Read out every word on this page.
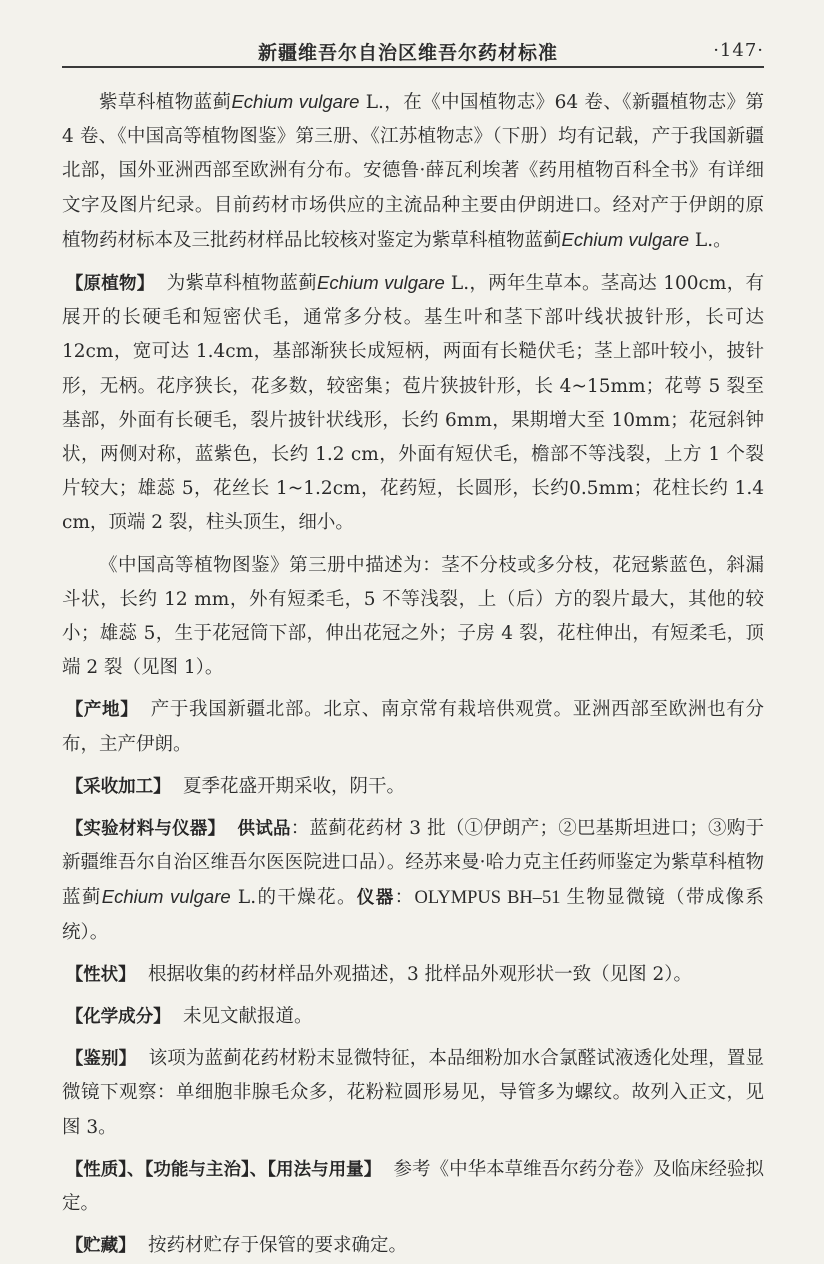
新疆维吾尔自治区维吾尔药材标准	·147·

紫草科植物蓝蓟Echium vulgare L.，在《中国植物志》64 卷、《新疆植物志》第 4 卷、《中国高等植物图鉴》第三册、《江苏植物志》（下册）均有记载，产于我国新疆北部，国外亚洲西部至欧洲有分布。安德鲁·薛瓦利埃著《药用植物百科全书》有详细文字及图片纪录。目前药材市场供应的主流品种主要由伊朗进口。经对产于伊朗的原植物药材标本及三批药材样品比较核对鉴定为紫草科植物蓝蓟Echium vulgare L.。

【原植物】 为紫草科植物蓝蓟Echium vulgare L.，两年生草本。茎高达 100cm，有展开的长硬毛和短密伏毛，通常多分枝。基生叶和茎下部叶线状披针形，长可达 12cm，宽可达 1.4cm，基部渐狭长成短柄，两面有长糙伏毛；茎上部叶较小，披针形，无柄。花序狭长，花多数，较密集；苞片狭披针形，长 4~15mm；花萼 5 裂至基部，外面有长硬毛，裂片披针状线形，长约 6mm，果期增大至 10mm；花冠斜钟状，两侧对称，蓝紫色，长约 1.2 cm，外面有短伏毛，檐部不等浅裂，上方 1 个裂片较大；雄蕊 5，花丝长 1~1.2cm，花药短，长圆形，长约0.5mm；花柱长约 1.4 cm，顶端 2 裂，柱头顶生，细小。

《中国高等植物图鉴》第三册中描述为：茎不分枝或多分枝，花冠紫蓝色，斜漏斗状，长约 12 mm，外有短柔毛，5 不等浅裂，上（后）方的裂片最大，其他的较小；雄蕊 5，生于花冠筒下部，伸出花冠之外；子房 4 裂，花柱伸出，有短柔毛，顶端 2 裂（见图 1）。

【产地】 产于我国新疆北部。北京、南京常有栽培供观赏。亚洲西部至欧洲也有分布，主产伊朗。

【采收加工】 夏季花盛开期采收，阴干。

【实验材料与仪器】 供试品：蓝蓟花药材 3 批（①伊朗产；②巴基斯坦进口；③购于新疆维吾尔自治区维吾尔医医院进口品）。经苏来曼·哈力克主任药师鉴定为紫草科植物蓝蓟Echium vulgare L.的干燥花。仪器：OLYMPUS BH–51 生物显微镜（带成像系统）。

【性状】 根据收集的药材样品外观描述，3 批样品外观形状一致（见图 2）。

【化学成分】 未见文献报道。

【鉴别】 该项为蓝蓟花药材粉末显微特征，本品细粉加水合氯醛试液透化处理，置显微镜下观察：单细胞非腺毛众多，花粉粒圆形易见，导管多为螺纹。故列入正文，见图 3。

【性质】、【功能与主治】、【用法与用量】 参考《中华本草维吾尔药分卷》及临床经验拟定。

【贮藏】 按药材贮存于保管的要求确定。
